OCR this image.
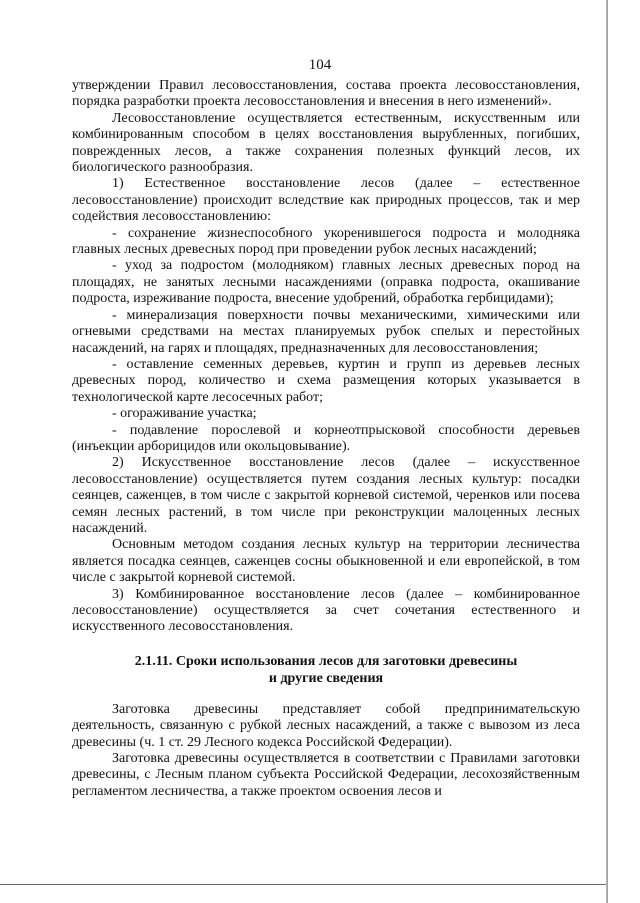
104

утверждении Правил лесовосстановления, состава проекта лесовосстановления, порядка разработки проекта лесовосстановления и внесения в него изменений».

Лесовосстановление осуществляется естественным, искусственным или комбинированным способом в целях восстановления вырубленных, погибших, поврежденных лесов, а также сохранения полезных функций лесов, их биологического разнообразия.

1) Естественное восстановление лесов (далее – естественное лесовосстановление) происходит вследствие как природных процессов, так и мер содействия лесовосстановлению:

- сохранение жизнеспособного укоренившегося подроста и молодняка главных лесных древесных пород при проведении рубок лесных насаждений;

- уход за подростом (молодняком) главных лесных древесных пород на площадях, не занятых лесными насаждениями (оправка подроста, окашивание подроста, изреживание подроста, внесение удобрений, обработка гербицидами);

- минерализация поверхности почвы механическими, химическими или огневыми средствами на местах планируемых рубок спелых и перестойных насаждений, на гарях и площадях, предназначенных для лесовосстановления;

- оставление семенных деревьев, куртин и групп из деревьев лесных древесных пород, количество и схема размещения которых указывается в технологической карте лесосечных работ;

- огораживание участка;

- подавление порослевой и корнеотпрысковой способности деревьев (инъекции арборицидов или окольцовывание).

2) Искусственное восстановление лесов (далее – искусственное лесовосстановление) осуществляется путем создания лесных культур: посадки сеянцев, саженцев, в том числе с закрытой корневой системой, черенков или посева семян лесных растений, в том числе при реконструкции малоценных лесных насаждений.

Основным методом создания лесных культур на территории лесничества является посадка сеянцев, саженцев сосны обыкновенной и ели европейской, в том числе с закрытой корневой системой.

3) Комбинированное восстановление лесов (далее – комбинированное лесовосстановление) осуществляется за счет сочетания естественного и искусственного лесовосстановления.

2.1.11. Сроки использования лесов для заготовки древесины
и другие сведения

Заготовка древесины представляет собой предпринимательскую деятельность, связанную с рубкой лесных насаждений, а также с вывозом из леса древесины (ч. 1 ст. 29 Лесного кодекса Российской Федерации).

Заготовка древесины осуществляется в соответствии с Правилами заготовки древесины, с Лесным планом субъекта Российской Федерации, лесохозяйственным регламентом лесничества, а также проектом освоения лесов и
